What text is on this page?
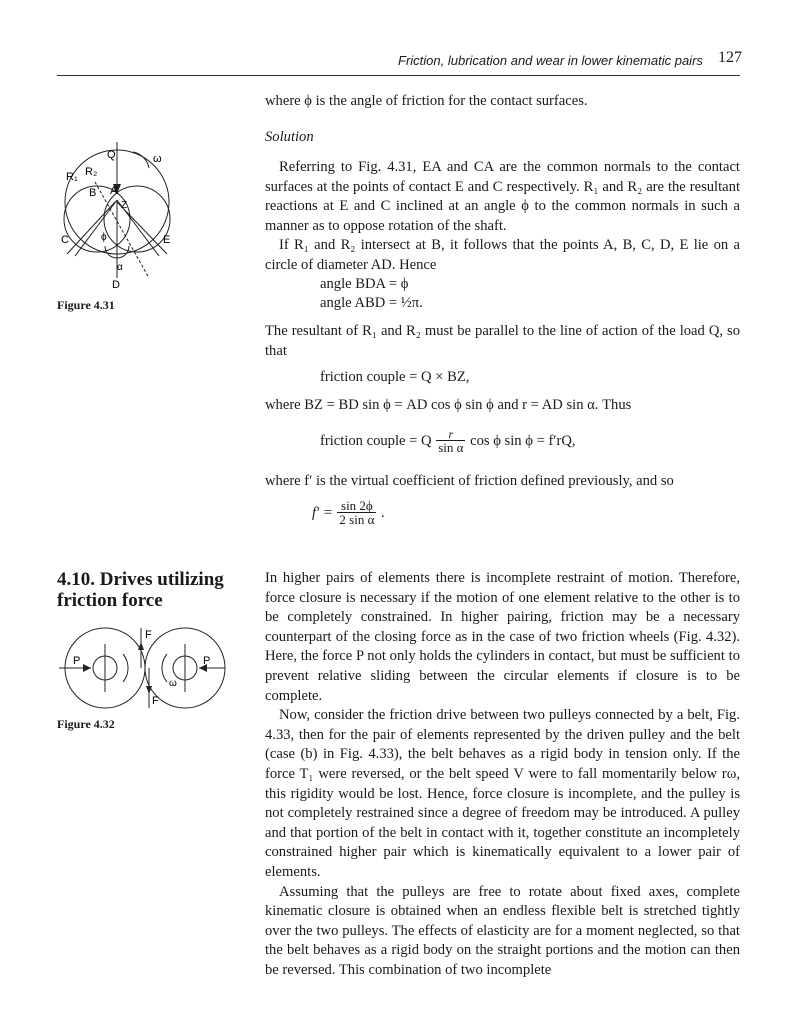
Friction, lubrication and wear in lower kinematic pairs 127
where ϕ is the angle of friction for the contact surfaces.
Solution

Referring to Fig. 4.31, EA and CA are the common normals to the contact surfaces at the points of contact E and C respectively. R₁ and R₂ are the resultant reactions at E and C inclined at an angle ϕ to the common normals in such a manner as to oppose rotation of the shaft.

If R₁ and R₂ intersect at B, it follows that the points A, B, C, D, E lie on a circle of diameter AD. Hence

angle BDA = ϕ
angle ABD = ½π.

The resultant of R₁ and R₂ must be parallel to the line of action of the load Q, so that

friction couple = Q × BZ,

where BZ = BD sin ϕ = AD cos ϕ sin ϕ and r = AD sin α. Thus

friction couple = Q $\frac{r}{\text{sin α}}$ cos ϕ sin ϕ = f′rQ,

where f′ is the virtual coefficient of friction defined previously, and so

$f' = \frac{\sin 2\phi}{\text{2 sin α}}$ .
Q
R₁ R₂
B A
Z
C	E
D
ω
ϕ
α
Figure 4.31
4.10. Drives utilizing
friction force
P	P
F
F
ω
Figure 4.32

In higher pairs of elements there is incomplete restraint of motion. Therefore, force closure is necessary if the motion of one element relative to the other is to be completely constrained. In higher pairing, friction may be a necessary counterpart of the closing force as in the case of two friction wheels (Fig. 4.32). Here, the force P not only holds the cylinders in contact, but must be sufficient to prevent relative sliding between the circular elements if closure is to be complete.

Now, consider the friction drive between two pulleys connected by a belt, Fig. 4.33, then for the pair of elements represented by the driven pulley and the belt (case (b) in Fig. 4.33), the belt behaves as a rigid body in tension only. If the force T₁ were reversed, or the belt speed V were to fall momentarily below rω, this rigidity would be lost. Hence, force closure is incomplete, and the pulley is not completely restrained since a degree of freedom may be introduced. A pulley and that portion of the belt in contact with it, together constitute an incompletely constrained higher pair which is kinematically equivalent to a lower pair of elements.

Assuming that the pulleys are free to rotate about fixed axes, complete kinematic closure is obtained when an endless flexible belt is stretched tightly over the two pulleys. The effects of elasticity are for a moment neglected, so that the belt behaves as a rigid body on the straight portions and the motion can then be reversed. This combination of two incomplete
